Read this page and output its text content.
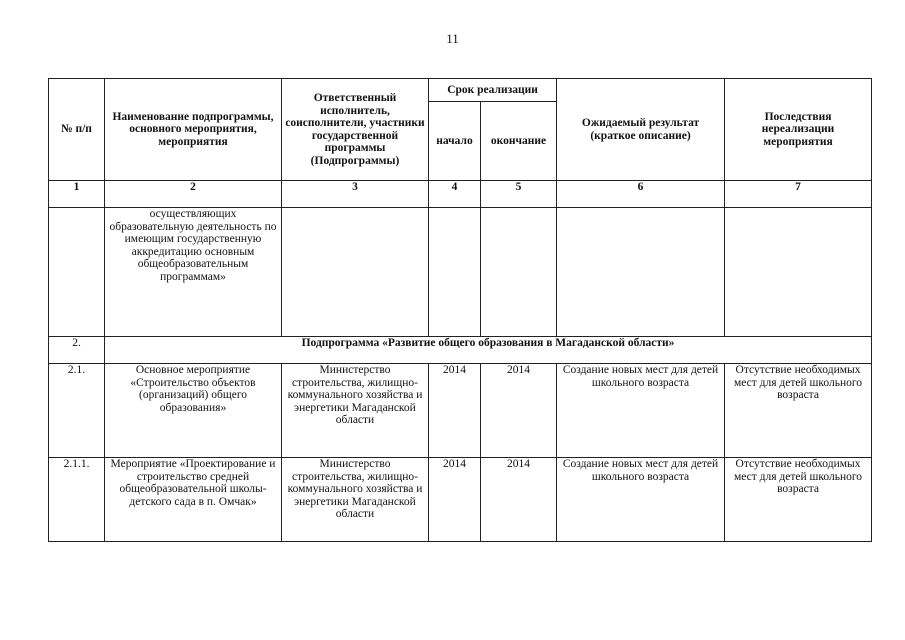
11
№ п/п	Наименование подпрограммы, основного мероприятия, мероприятия	Ответственный исполнитель, соисполнители, участники государственной программы (Подпрограммы)	Срок реализации		Ожидаемый результат (краткое описание)	Последствия нереализации мероприятия
			начало	окончание		
1	2	3	4	5	6	7
	осуществляющих образовательную деятельность по имеющим государственную аккредитацию основным общеобразовательным программам»					
2.	Подпрограмма «Развитие общего образования в Магаданской области»					
2.1.	Основное мероприятие «Строительство объектов (организаций) общего образования»	Министерство строительства, жилищно-коммунального хозяйства и энергетики Магаданской области	2014	2014	Создание новых мест для детей школьного возраста	Отсутствие необходимых мест для детей школьного возраста
2.1.1.	Мероприятие «Проектирование и строительство средней общеобразовательной школы-детского сада в п. Омчак»	Министерство строительства, жилищно-коммунального хозяйства и энергетики Магаданской области	2014	2014	Создание новых мест для детей школьного возраста	Отсутствие необходимых мест для детей школьного возраста
